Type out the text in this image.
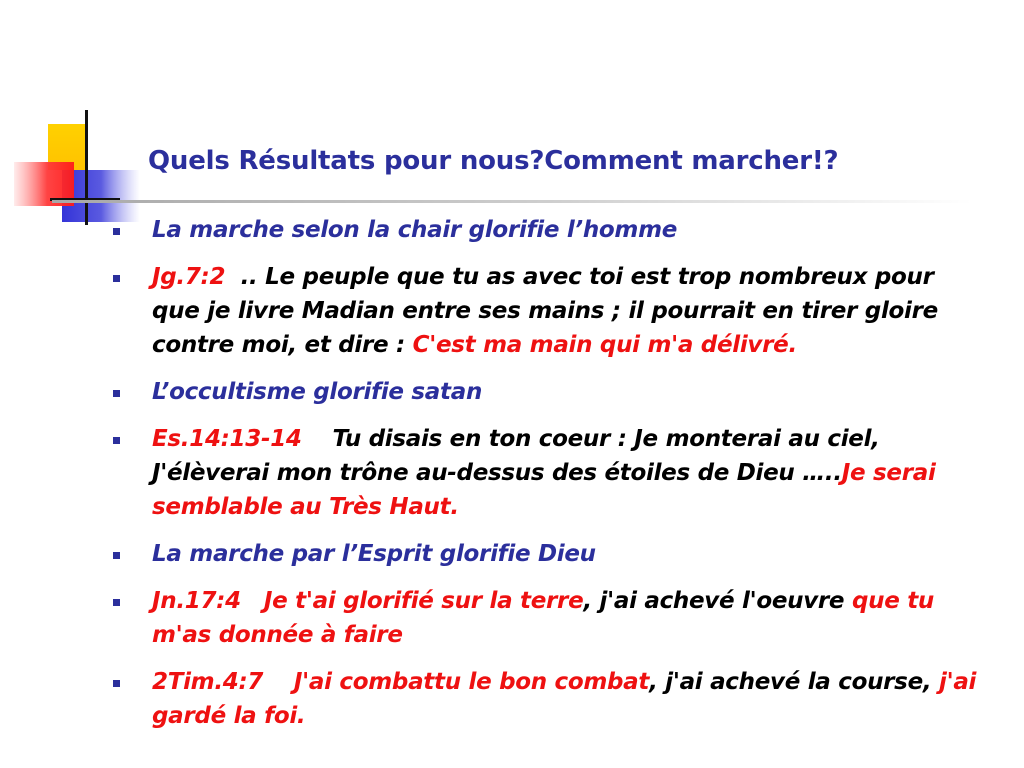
Quels Résultats pour nous?Comment marcher!?
La marche selon la chair glorifie l’homme
Jg.7:2  .. Le peuple que tu as avec toi est trop nombreux pour que je livre Madian entre ses mains ; il pourrait en tirer gloire contre moi, et dire : C'est ma main qui m'a délivré.
L’occultisme glorifie satan
Es.14:13-14    Tu disais en ton coeur : Je monterai au ciel, J'élèverai mon trône au-dessus des étoiles de Dieu …..Je serai semblable au Très Haut.
La marche par l’Esprit glorifie Dieu
Jn.17:4   Je t'ai glorifié sur la terre, j'ai achevé l'oeuvre que tu m'as donnée à faire
2Tim.4:7    J'ai combattu le bon combat, j'ai achevé la course, j'ai gardé la foi.
